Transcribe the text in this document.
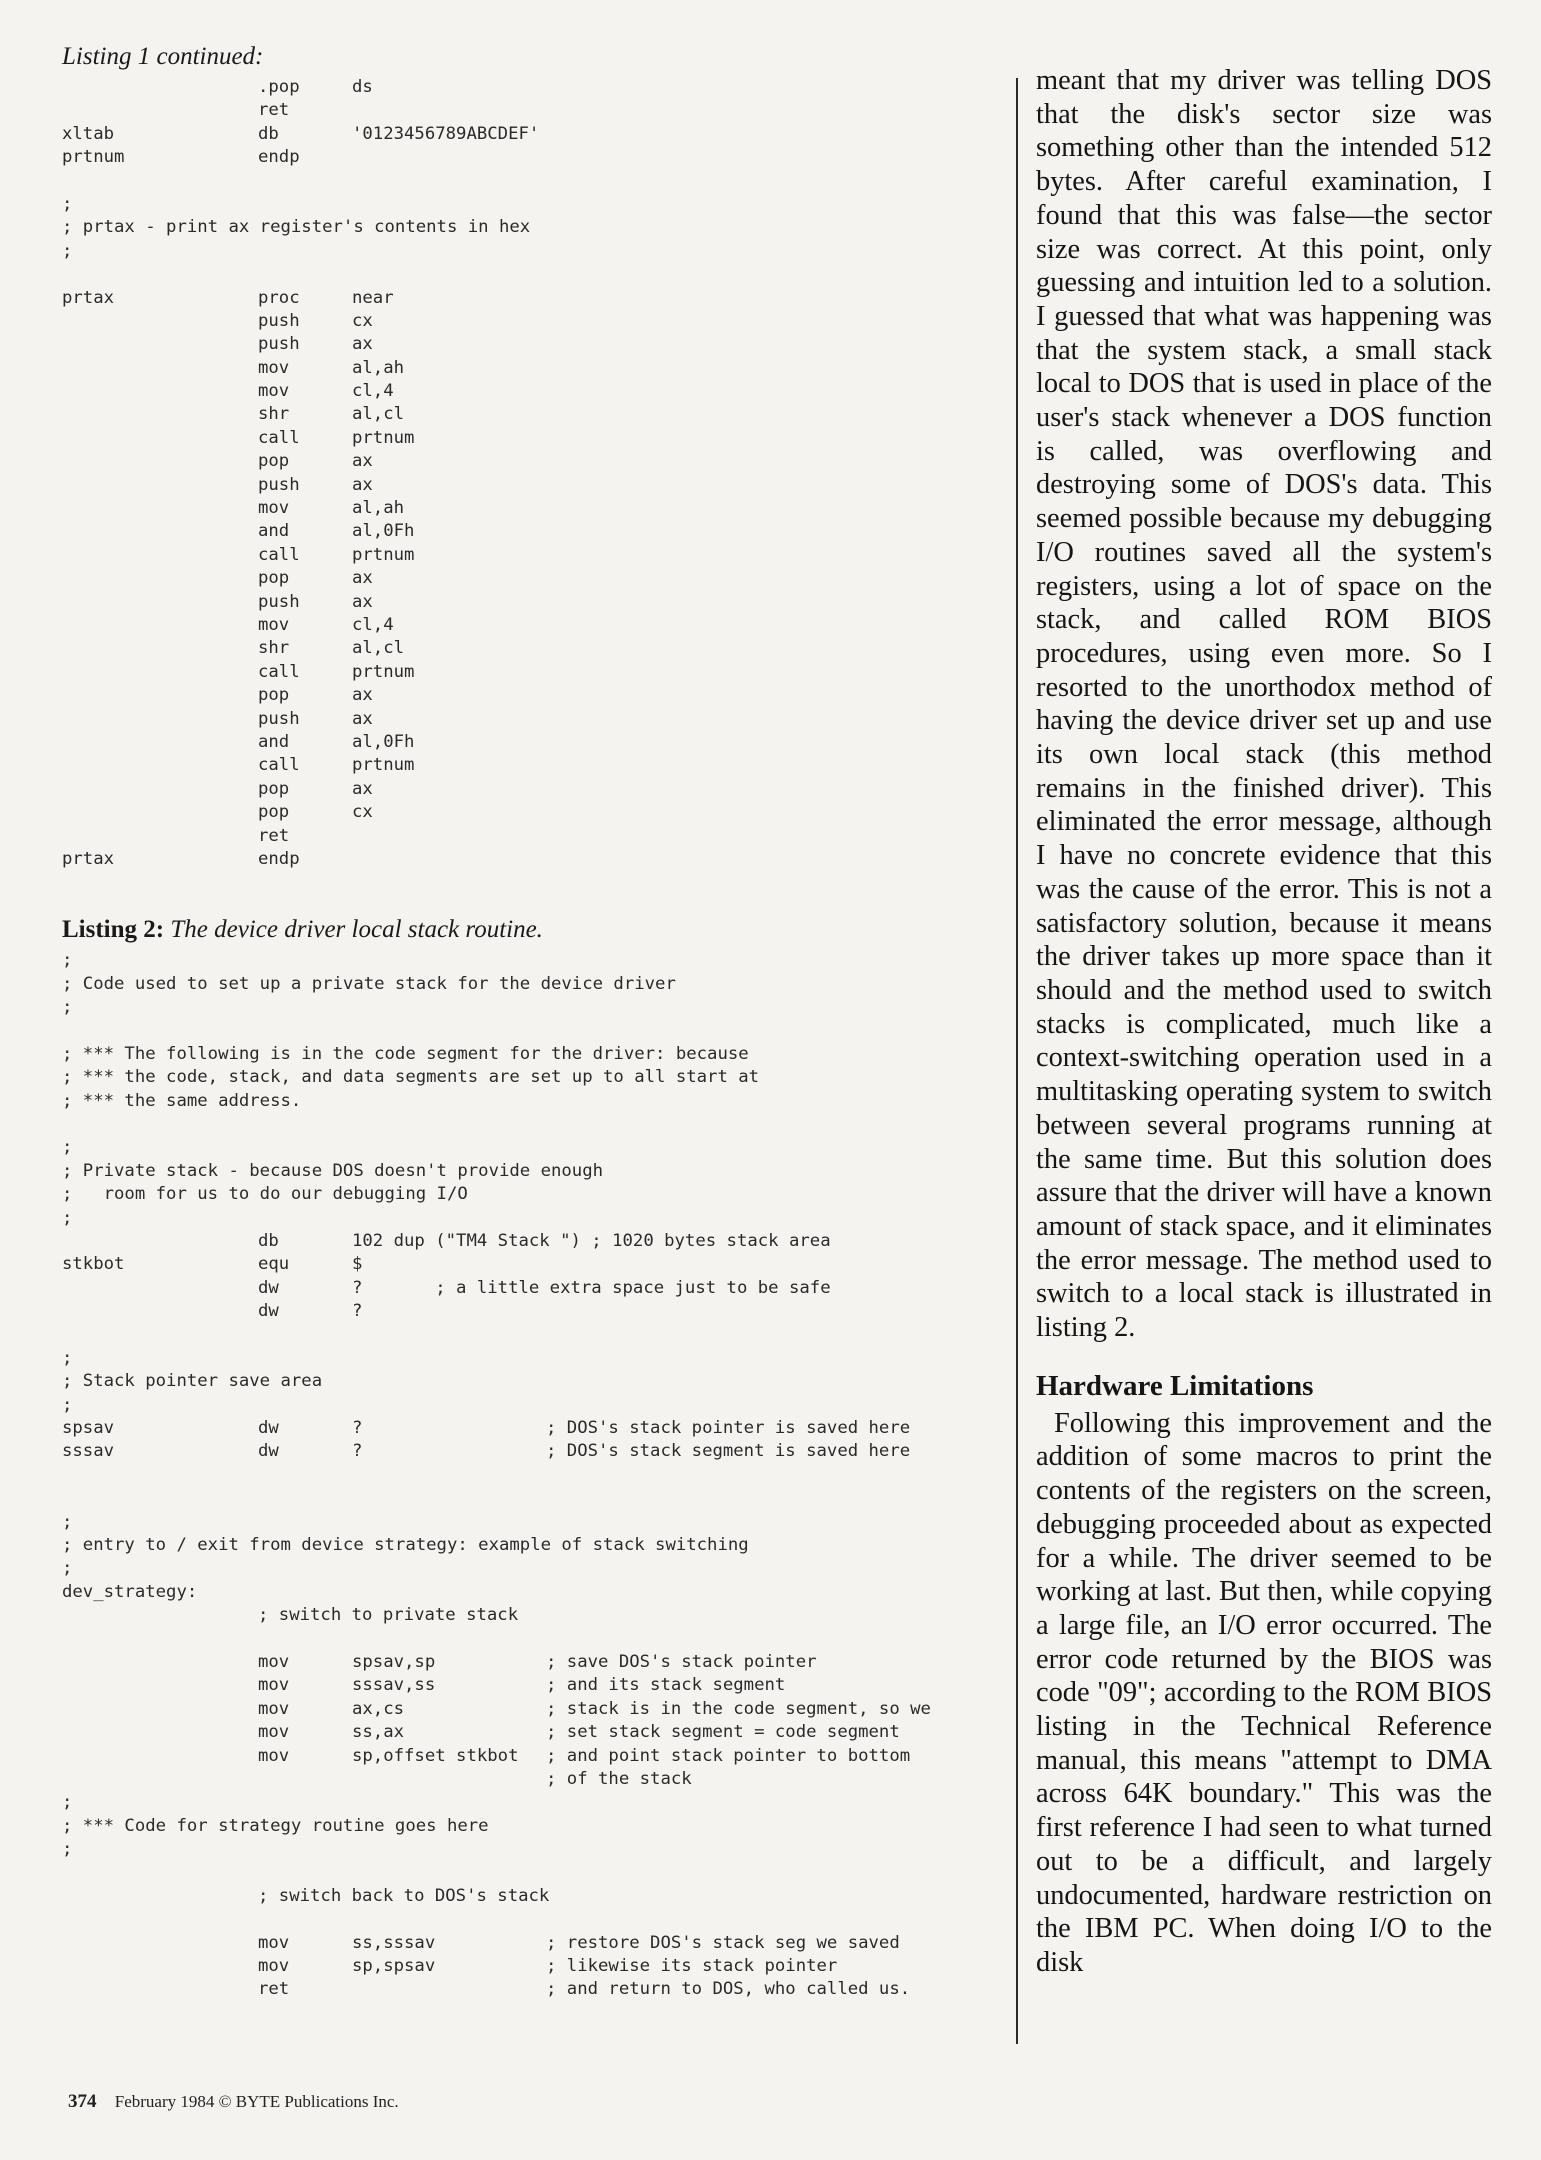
Listing 1 continued:

.pop	ds
ret
xltab	db	'0123456789ABCDEF'
prtnum	endp
;
; prtax - print ax register's contents in hex
;
prtax	proc	near
push	cx
push	ax
mov	al,ah
mov	cl,4
shr	al,cl
call	prtnum
pop	ax
push	ax
mov	al,ah
and	al,0Fh
call	prtnum
pop	ax
push	ax
mov	cl,4
shr	al,cl
call	prtnum
pop	ax
push	ax
and	al,0Fh
call	prtnum
pop	ax
pop	cx
ret
prtax	endp

Listing 2: The device driver local stack routine.

;
; Code used to set up a private stack for the device driver
;
; *** The following is in the code segment for the driver: because
; *** the code, stack, and data segments are set up to all start at
; *** the same address.
;
; Private stack - because DOS doesn't provide enough
;   room for us to do our debugging I/O
;
db	102 dup ("TM4 Stack ") ; 1020 bytes stack area
stkbot	equ	$
dw	?       ; a little extra space just to be safe
dw	?
;
; Stack pointer save area
;
spsav	dw	?	; DOS's stack pointer is saved here
sssav	dw	?	; DOS's stack segment is saved here
;
; entry to / exit from device strategy: example of stack switching
;
dev_strategy:
; switch to private stack
mov	spsav,sp	; save DOS's stack pointer
mov	sssav,ss	; and its stack segment
mov	ax,cs	; stack is in the code segment, so we
mov	ss,ax	; set stack segment = code segment
mov	sp,offset stkbot ; and point stack pointer to bottom
; of the stack
;
; *** Code for strategy routine goes here
;
; switch back to DOS's stack
mov	ss,sssav	; restore DOS's stack seg we saved
mov	sp,spsav	; likewise its stack pointer
ret	; and return to DOS, who called us.

meant that my driver was telling DOS that the disk's sector size was something other than the intended 512 bytes. After careful examination, I found that this was false—the sector size was correct. At this point, only guessing and intuition led to a solution. I guessed that what was happening was that the system stack, a small stack local to DOS that is used in place of the user's stack whenever a DOS function is called, was overflowing and destroying some of DOS's data. This seemed possible because my debugging I/O routines saved all the system's registers, using a lot of space on the stack, and called ROM BIOS procedures, using even more. So I resorted to the unorthodox method of having the device driver set up and use its own local stack (this method remains in the finished driver). This eliminated the error message, although I have no concrete evidence that this was the cause of the error. This is not a satisfactory solution, because it means the driver takes up more space than it should and the method used to switch stacks is complicated, much like a context-switching operation used in a multitasking operating system to switch between several programs running at the same time. But this solution does assure that the driver will have a known amount of stack space, and it eliminates the error message. The method used to switch to a local stack is illustrated in listing 2.

Hardware Limitations

Following this improvement and the addition of some macros to print the contents of the registers on the screen, debugging proceeded about as expected for a while. The driver seemed to be working at last. But then, while copying a large file, an I/O error occurred. The error code returned by the BIOS was code "09"; according to the ROM BIOS listing in the Technical Reference manual, this means "attempt to DMA across 64K boundary." This was the first reference I had seen to what turned out to be a difficult, and largely undocumented, hardware restriction on the IBM PC. When doing I/O to the disk

374 February 1984 © BYTE Publications Inc.
